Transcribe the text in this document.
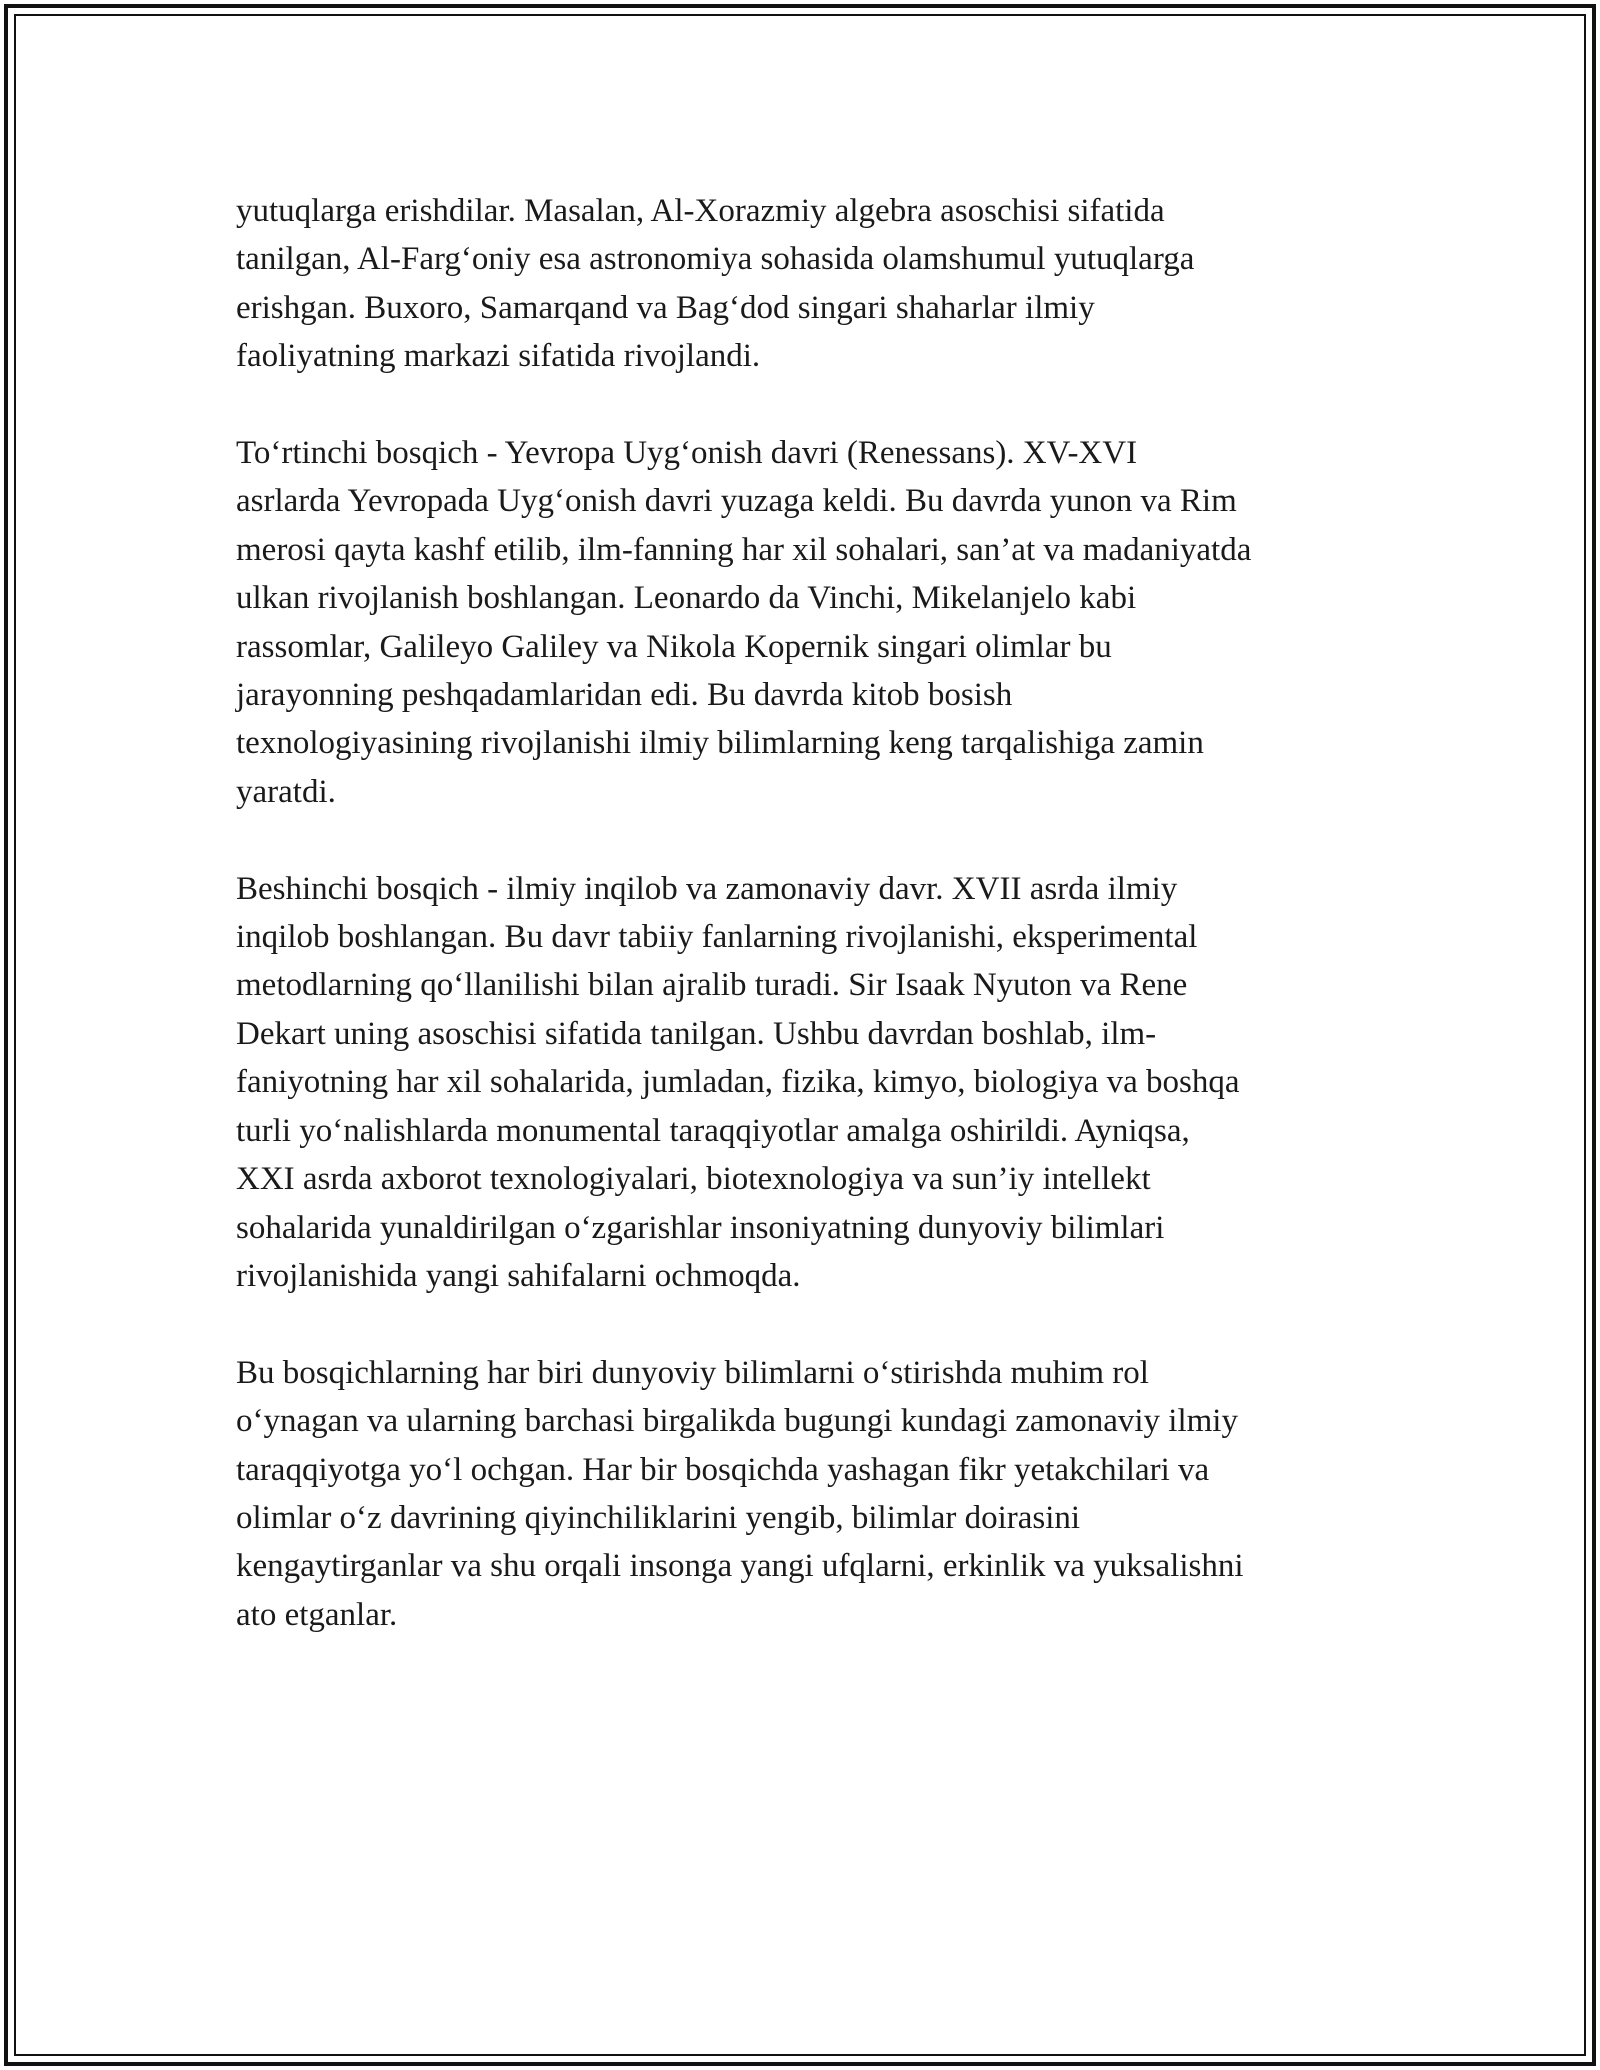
yutuqlarga erishdilar. Masalan, Al-Xorazmiy algebra asoschisi sifatida
tanilgan, Al-Farg‘oniy esa astronomiya sohasida olamshumul yutuqlarga
erishgan. Buxoro, Samarqand va Bag‘dod singari shaharlar ilmiy
faoliyatning markazi sifatida rivojlandi.
To‘rtinchi bosqich - Yevropa Uyg‘onish davri (Renessans). XV-XVI
asrlarda Yevropada Uyg‘onish davri yuzaga keldi. Bu davrda yunon va Rim
merosi qayta kashf etilib, ilm-fanning har xil sohalari, san’at va madaniyatda
ulkan rivojlanish boshlangan. Leonardo da Vinchi, Mikelanjelo kabi
rassomlar, Galileyo Galiley va Nikola Kopernik singari olimlar bu
jarayonning peshqadamlaridan edi. Bu davrda kitob bosish
texnologiyasining rivojlanishi ilmiy bilimlarning keng tarqalishiga zamin
yaratdi.
Beshinchi bosqich - ilmiy inqilob va zamonaviy davr. XVII asrda ilmiy
inqilob boshlangan. Bu davr tabiiy fanlarning rivojlanishi, eksperimental
metodlarning qo‘llanilishi bilan ajralib turadi. Sir Isaak Nyuton va Rene
Dekart uning asoschisi sifatida tanilgan. Ushbu davrdan boshlab, ilm-
faniyotning har xil sohalarida, jumladan, fizika, kimyo, biologiya va boshqa
turli yo‘nalishlarda monumental taraqqiyotlar amalga oshirildi. Ayniqsa,
XXI asrda axborot texnologiyalari, biotexnologiya va sun’iy intellekt
sohalarida yunaldirilgan o‘zgarishlar insoniyatning dunyoviy bilimlari
rivojlanishida yangi sahifalarni ochmoqda.
Bu bosqichlarning har biri dunyoviy bilimlarni o‘stirishda muhim rol
o‘ynagan va ularning barchasi birgalikda bugungi kundagi zamonaviy ilmiy
taraqqiyotga yo‘l ochgan. Har bir bosqichda yashagan fikr yetakchilari va
olimlar o‘z davrining qiyinchiliklarini yengib, bilimlar doirasini
kengaytirganlar va shu orqali insonga yangi ufqlarni, erkinlik va yuksalishni
ato etganlar.
